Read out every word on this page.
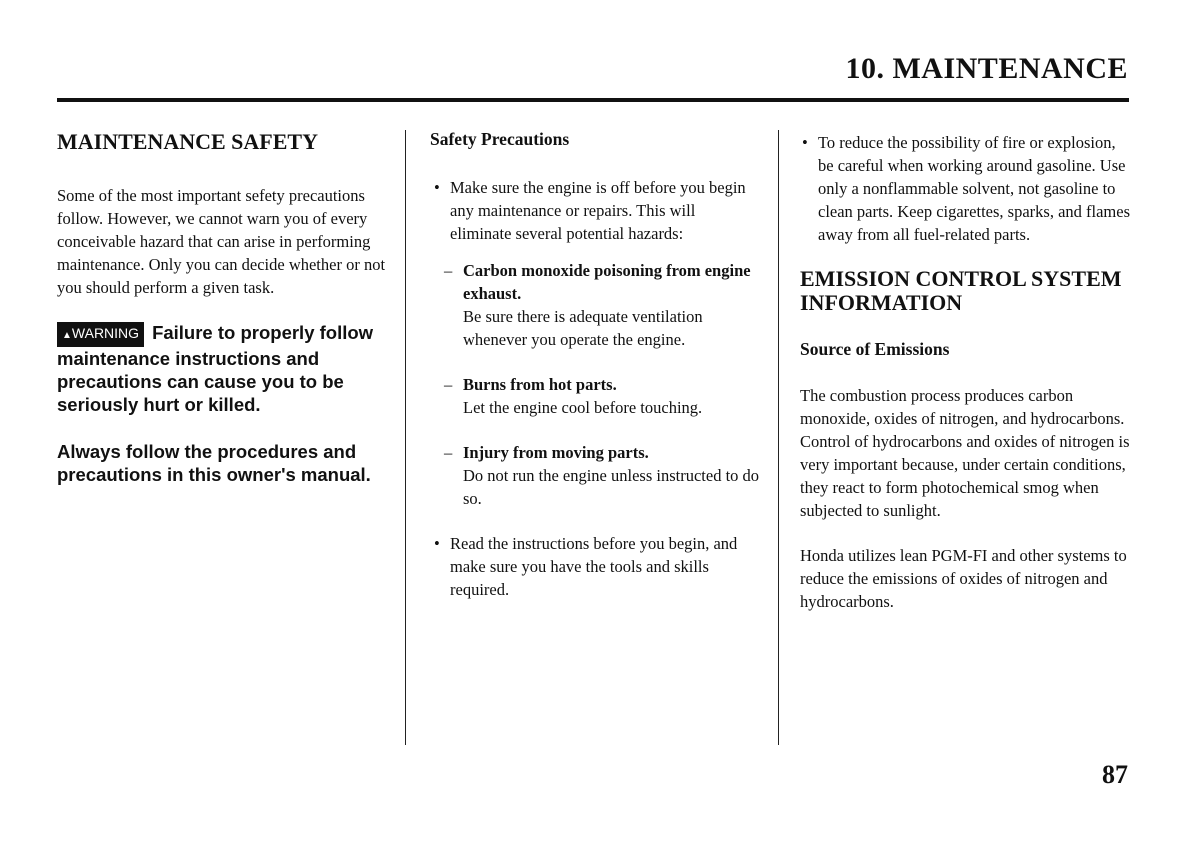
10. MAINTENANCE
MAINTENANCE SAFETY

Some of the most important sefety precautions follow. However, we cannot warn you of every conceivable hazard that can arise in performing maintenance. Only you can decide whether or not you should perform a given task.

▲WARNING Failure to properly follow maintenance instructions and precautions can cause you to be seriously hurt or killed.

Always follow the procedures and precautions in this owner's manual.

Safety Precautions
• Make sure the engine is off before you begin any maintenance or repairs. This will eliminate several potential hazards:
– Carbon monoxide poisoning from engine exhaust.
Be sure there is adequate ventilation whenever you operate the engine.
– Burns from hot parts.
Let the engine cool before touching.
– Injury from moving parts.
Do not run the engine unless instructed to do so.
• Read the instructions before you begin, and make sure you have the tools and skills required.
• To reduce the possibility of fire or explosion, be careful when working around gasoline. Use only a nonflammable solvent, not gasoline to clean parts. Keep cigarettes, sparks, and flames away from all fuel-related parts.
EMISSION CONTROL SYSTEM INFORMATION
Source of Emissions

The combustion process produces carbon monoxide, oxides of nitrogen, and hydrocarbons. Control of hydrocarbons and oxides of nitrogen is very important because, under certain conditions, they react to form photochemical smog when subjected to sunlight.

Honda utilizes lean PGM-FI and other systems to reduce the emissions of oxides of nitrogen and hydrocarbons.

87
